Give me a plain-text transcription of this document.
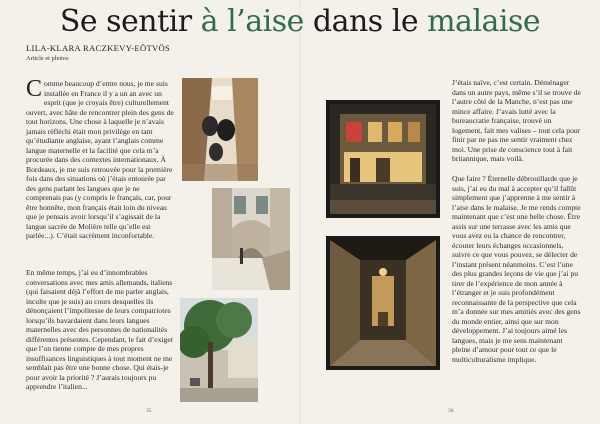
Se sentir à l’aise dans le malaise
LILA-KLARA RACZKEVY-EÖTVÖS
Article et photos

Comme beaucoup d’entre nous, je me suis installée en France il y a un an avec un esprit (que je croyais être) culturellement ouvert, avec hâte de rencontrer plein des gens de tout horizons. Une chose à laquelle je n’avais jamais réfléchi était mon privilège en tant qu’étudiante anglaise, ayant l’anglais comme langue maternelle et la facilité que cela m’a procurée dans des contextes internationaux. À Bordeaux, je me suis retrouvée pour la première fois dans des situations où j’étais entourée par des gens parlant les langues que je ne comprenais pas (y compris le français, car, pour être honnête, mon français était loin du niveau que je pensais avoir lorsqu’il s’agissait de la langue sacrée de Molière telle qu’elle est parlée...). C’était sacrément inconfortable.

En même temps, j’ai eu d’innombrables conversations avec mes amis allemands, italiens (qui faisaient déjà l’effort de me parler anglais, inculte que je suis) au cours desquelles ils dénonçaient l’impolitesse de leurs compatriotes lorsqu’ils bavardaient dans leurs langues maternelles avec des personnes de nationalités différentes présentes. Cependant, le fait d’exiger que l’on tienne compte de mes propres insuffisances linguistiques à tout moment ne me semblait pas être une bonne chose. Qui étais-je pour avoir la priorité ? J’aurais toujours pu apprendre l’italien...

J’étais naïve, c’est certain. Déménager dans un autre pays, même s’il se trouve de l’autre côté de la Manche, n’est pas une mince affaire. J’avais lutté avec la bureaucratie française, trouvé un logement, fait mes valises – tout cela pour finir par ne pas me sentir vraiment chez moi. Une prise de conscience tout à fait britannique, mais voilà.

Que faire ? Éternelle débrouillarde que je suis, j’ai eu du mal à accepter qu’il fallût simplement que j’apprenne à me sentir à l’aise dans le malaise. Je me rends compte maintenant que c’est une belle chose. Être assis sur une terrasse avec les amis que vous avez eu la chance de rencontrer, écouter leurs échanges occasionnels, suivre ce que vous pouvez, se délecter de l’instant présent néanmoins. C’est l’une des plus grandes leçons de vie que j’ai pu tirer de l’expérience de mon année à l’étranger et je suis profondément reconnaissante de la perspective que cela m’a donnée sur mes amitiés avec des gens du monde entier, ainsi que sur mon développement. J’ai toujours aimé les langues, mais je me sens maintenant pleine d’amour pour tout ce que le multiculturalisme implique.

35	36
